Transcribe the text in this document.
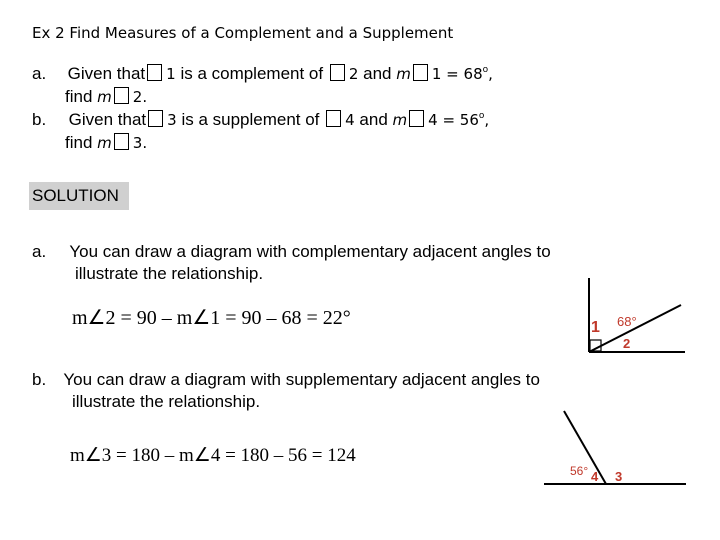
Ex 2 Find Measures of a Complement and a Supplement
a. Given that 1 is a complement of 2 and m $1 = 68^o$,
find m 2.
b. Given that 3 is a supplement of 4 and m $4 = 56^o$,
find m 3.
SOLUTION
a. You can draw a diagram with complementary adjacent angles to
illustrate the relationship.
m∠2 = 90 – m∠1 = 90 – 68 = 22°	68°
1
2
b. You can draw a diagram with supplementary adjacent angles to
illustrate the relationship.
m∠3 = 180 – m∠4 = 180 – 56 = 124
56° 4 3
